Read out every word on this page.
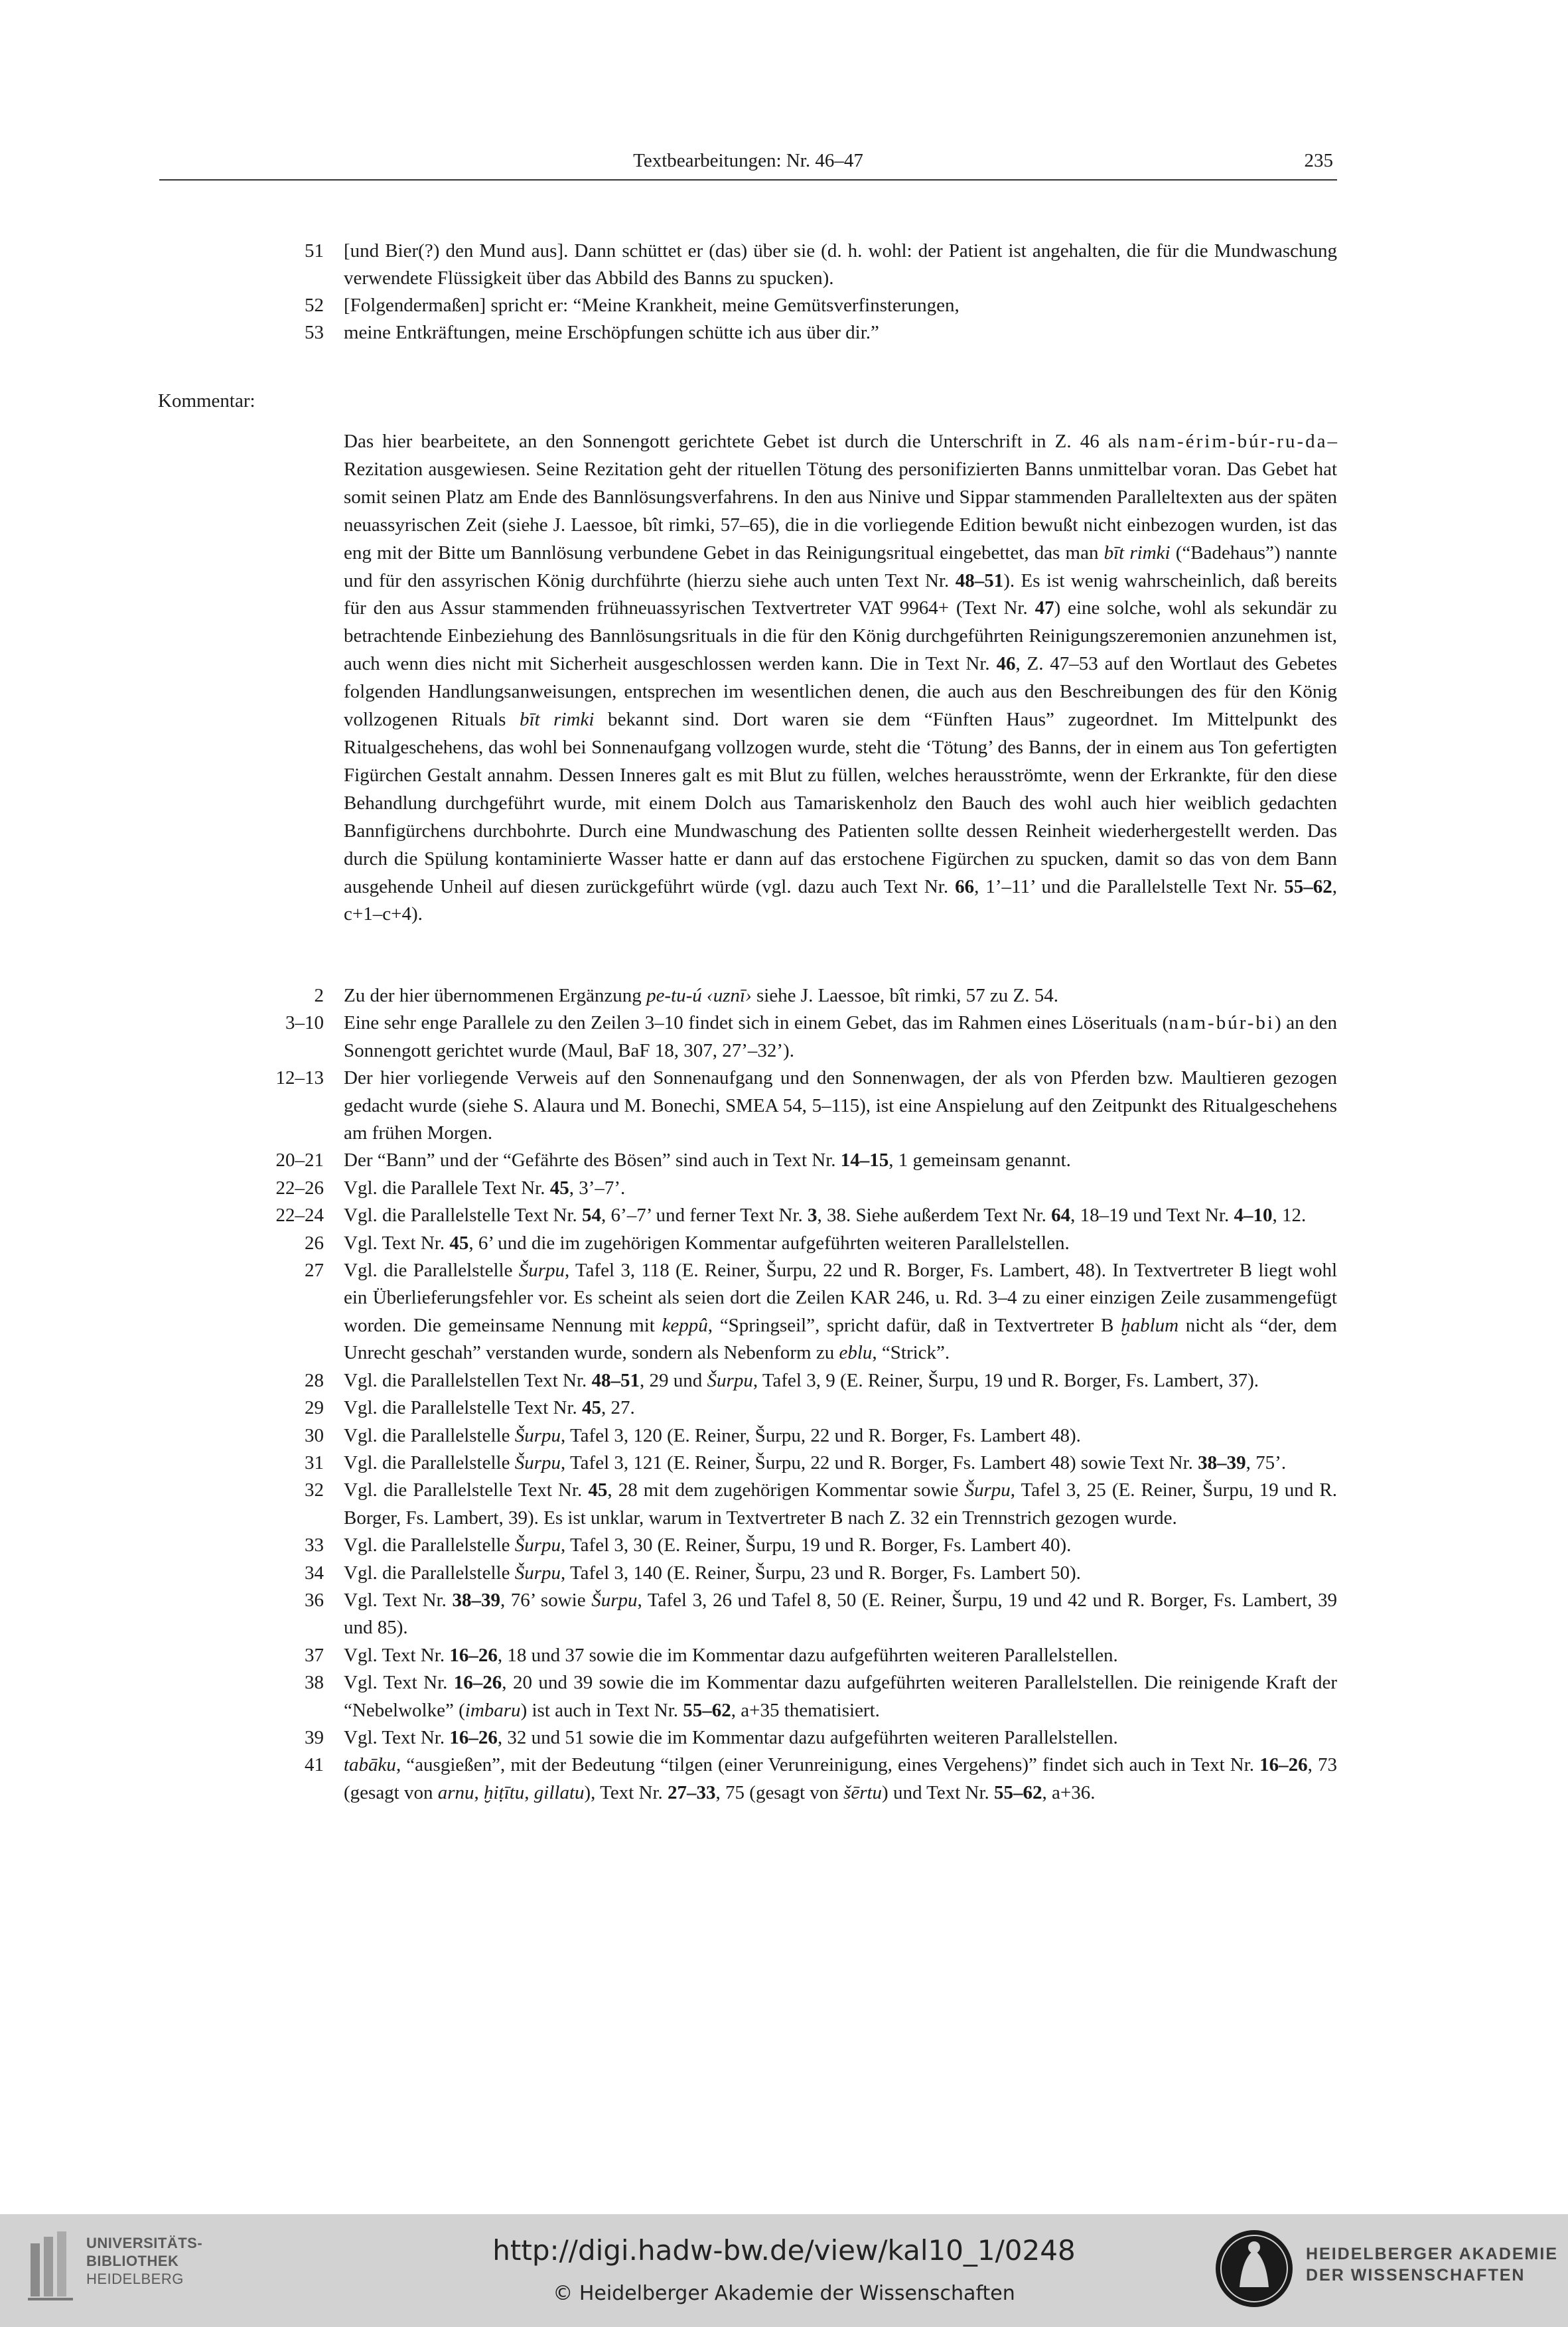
Textbearbeitungen: Nr. 46–47	235
51 [und Bier(?) den Mund aus]. Dann schüttet er (das) über sie (d. h. wohl: der Patient ist angehalten, die für die Mundwaschung verwendete Flüssigkeit über das Abbild des Banns zu spucken).
52 [Folgendermaßen] spricht er: “Meine Krankheit, meine Gemütsverfinsterungen,
53 meine Entkräftungen, meine Erschöpfungen schütte ich aus über dir.”
Kommentar:
Das hier bearbeitete, an den Sonnengott gerichtete Gebet ist durch die Unterschrift in Z. 46 als nam-érim-búr-ru-da–Rezitation ausgewiesen. Seine Rezitation geht der rituellen Tötung des personifizierten Banns unmittelbar voran. Das Gebet hat somit seinen Platz am Ende des Bannlösungsverfahrens. In den aus Ninive und Sippar stammenden Paralleltexten aus der späten neuassyrischen Zeit (siehe J. Laessoe, bît rimki, 57–65), die in die vorliegende Edition bewußt nicht einbezogen wurden, ist das eng mit der Bitte um Bannlösung verbundene Gebet in das Reinigungsritual eingebettet, das man bīt rimki (“Badehaus”) nannte und für den assyrischen König durchführte (hierzu siehe auch unten Text Nr. 48–51). Es ist wenig wahrscheinlich, daß bereits für den aus Assur stammenden frühneuassyrischen Textvertreter VAT 9964+ (Text Nr. 47) eine solche, wohl als sekundär zu betrachtende Einbeziehung des Bannlösungsrituals in die für den König durchgeführten Reinigungszeremonien anzunehmen ist, auch wenn dies nicht mit Sicherheit ausgeschlossen werden kann. Die in Text Nr. 46, Z. 47–53 auf den Wortlaut des Gebetes folgenden Handlungsanweisungen, entsprechen im wesentlichen denen, die auch aus den Beschreibungen des für den König vollzogenen Rituals bīt rimki bekannt sind. Dort waren sie dem “Fünften Haus” zugeordnet. Im Mittelpunkt des Ritualgeschehens, das wohl bei Sonnenaufgang vollzogen wurde, steht die ‘Tötung’ des Banns, der in einem aus Ton gefertigten Figürchen Gestalt annahm. Dessen Inneres galt es mit Blut zu füllen, welches herausströmte, wenn der Erkrankte, für den diese Behandlung durchgeführt wurde, mit einem Dolch aus Tamariskenholz den Bauch des wohl auch hier weiblich gedachten Bannfigürchens durchbohrte. Durch eine Mundwaschung des Patienten sollte dessen Reinheit wiederhergestellt werden. Das durch die Spülung kontaminierte Wasser hatte er dann auf das erstochene Figürchen zu spucken, damit so das von dem Bann ausgehende Unheil auf diesen zurückgeführt würde (vgl. dazu auch Text Nr. 66, 1’–11’ und die Parallelstelle Text Nr. 55–62, c+1–c+4).
2 Zu der hier übernommenen Ergänzung pe-tu-ú ‹uznī› siehe J. Laessoe, bît rimki, 57 zu Z. 54.
3–10 Eine sehr enge Parallele zu den Zeilen 3–10 findet sich in einem Gebet, das im Rahmen eines Löserituals (nam-búr-bi) an den Sonnengott gerichtet wurde (Maul, BaF 18, 307, 27’–32’).
12–13 Der hier vorliegende Verweis auf den Sonnenaufgang und den Sonnenwagen, der als von Pferden bzw. Maultieren gezogen gedacht wurde (siehe S. Alaura und M. Bonechi, SMEA 54, 5–115), ist eine Anspielung auf den Zeitpunkt des Ritualgeschehens am frühen Morgen.
20–21 Der “Bann” und der “Gefährte des Bösen” sind auch in Text Nr. 14–15, 1 gemeinsam genannt.
22–26 Vgl. die Parallele Text Nr. 45, 3’–7’.
22–24 Vgl. die Parallelstelle Text Nr. 54, 6’–7’ und ferner Text Nr. 3, 38. Siehe außerdem Text Nr. 64, 18–19 und Text Nr. 4–10, 12.
26 Vgl. Text Nr. 45, 6’ und die im zugehörigen Kommentar aufgeführten weiteren Parallelstellen.
27 Vgl. die Parallelstelle Šurpu, Tafel 3, 118 (E. Reiner, Šurpu, 22 und R. Borger, Fs. Lambert, 48). In Textvertreter B liegt wohl ein Überlieferungsfehler vor. Es scheint als seien dort die Zeilen KAR 246, u. Rd. 3–4 zu einer einzigen Zeile zusammengefügt worden. Die gemeinsame Nennung mit keppû, “Springseil”, spricht dafür, daß in Textvertreter B ḫablum nicht als “der, dem Unrecht geschah” verstanden wurde, sondern als Nebenform zu eblu, “Strick”.
28 Vgl. die Parallelstellen Text Nr. 48–51, 29 und Šurpu, Tafel 3, 9 (E. Reiner, Šurpu, 19 und R. Borger, Fs. Lambert, 37).
29 Vgl. die Parallelstelle Text Nr. 45, 27.
30 Vgl. die Parallelstelle Šurpu, Tafel 3, 120 (E. Reiner, Šurpu, 22 und R. Borger, Fs. Lambert 48).
31 Vgl. die Parallelstelle Šurpu, Tafel 3, 121 (E. Reiner, Šurpu, 22 und R. Borger, Fs. Lambert 48) sowie Text Nr. 38–39, 75’.
32 Vgl. die Parallelstelle Text Nr. 45, 28 mit dem zugehörigen Kommentar sowie Šurpu, Tafel 3, 25 (E. Reiner, Šurpu, 19 und R. Borger, Fs. Lambert, 39). Es ist unklar, warum in Textvertreter B nach Z. 32 ein Trennstrich gezogen wurde.
33 Vgl. die Parallelstelle Šurpu, Tafel 3, 30 (E. Reiner, Šurpu, 19 und R. Borger, Fs. Lambert 40).
34 Vgl. die Parallelstelle Šurpu, Tafel 3, 140 (E. Reiner, Šurpu, 23 und R. Borger, Fs. Lambert 50).
36 Vgl. Text Nr. 38–39, 76’ sowie Šurpu, Tafel 3, 26 und Tafel 8, 50 (E. Reiner, Šurpu, 19 und 42 und R. Borger, Fs. Lambert, 39 und 85).
37 Vgl. Text Nr. 16–26, 18 und 37 sowie die im Kommentar dazu aufgeführten weiteren Parallelstellen.
38 Vgl. Text Nr. 16–26, 20 und 39 sowie die im Kommentar dazu aufgeführten weiteren Parallelstellen. Die reinigende Kraft der “Nebelwolke” (imbaru) ist auch in Text Nr. 55–62, a+35 thematisiert.
39 Vgl. Text Nr. 16–26, 32 und 51 sowie die im Kommentar dazu aufgeführten weiteren Parallelstellen.
41 tabāku, “ausgießen”, mit der Bedeutung “tilgen (einer Verunreinigung, eines Vergehens)” findet sich auch in Text Nr. 16–26, 73 (gesagt von arnu, ḫiṭītu, gillatu), Text Nr. 27–33, 75 (gesagt von šērtu) und Text Nr. 55–62, a+36.
UNIVERSITÄTS-
BIBLIOTHEK
HEIDELBERG
http://digi.hadw-bw.de/view/kal10_1/0248
© Heidelberger Akademie der Wissenschaften
HEIDELBERGER AKADEMIE
DER WISSENSCHAFTEN
